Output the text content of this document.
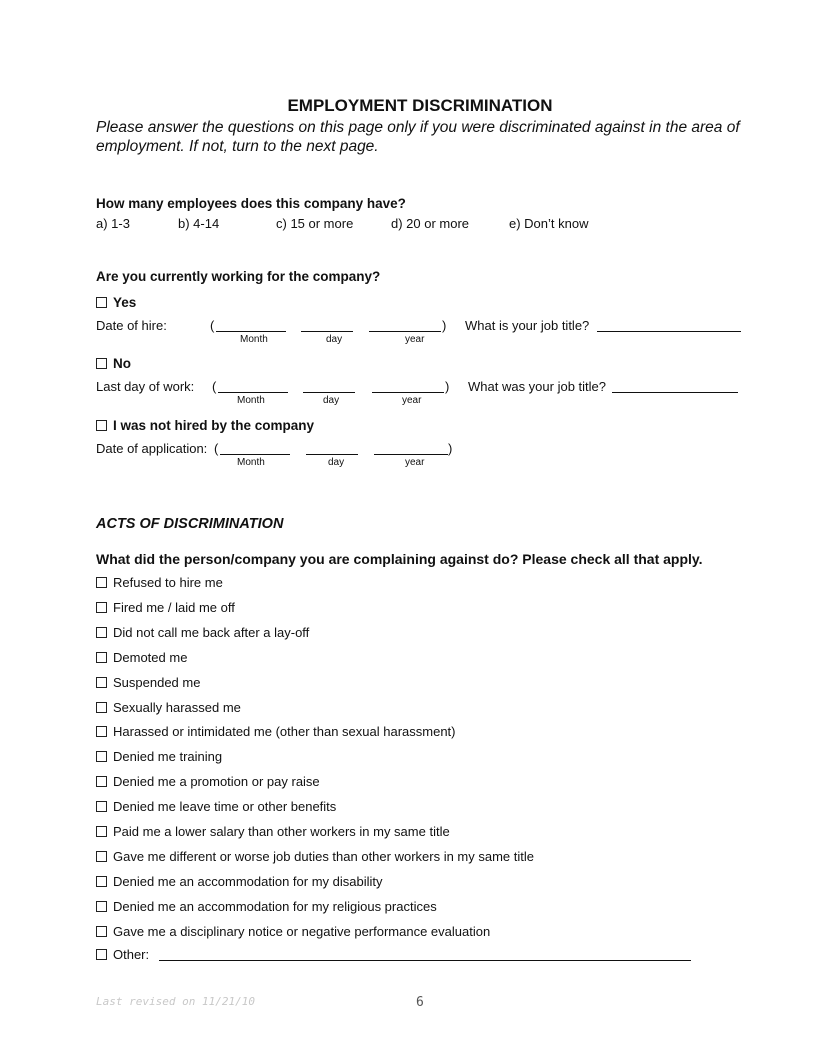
EMPLOYMENT DISCRIMINATION
Please answer the questions on this page only if you were discriminated against in the area of employment. If not, turn to the next page.
How many employees does this company have?
a) 1-3	b) 4-14	c) 15 or more	d) 20 or more	e) Don’t know
Are you currently working for the company?
Yes
Date of hire:	(	)
Month	day	year
What is your job title?
No
Last day of work: (	)
Month	day	year
What was your job title?
I was not hired by the company
Date of application: (	)
Month	day	year
ACTS OF DISCRIMINATION
What did the person/company you are complaining against do? Please check all that apply.
Refused to hire me
Fired me / laid me off
Did not call me back after a lay-off
Demoted me
Suspended me
Sexually harassed me
Harassed or intimidated me (other than sexual harassment)
Denied me training
Denied me a promotion or pay raise
Denied me leave time or other benefits
Paid me a lower salary than other workers in my same title
Gave me different or worse job duties than other workers in my same title
Denied me an accommodation for my disability
Denied me an accommodation for my religious practices
Gave me a disciplinary notice or negative performance evaluation
Other:
Last revised on 11/21/10	6
